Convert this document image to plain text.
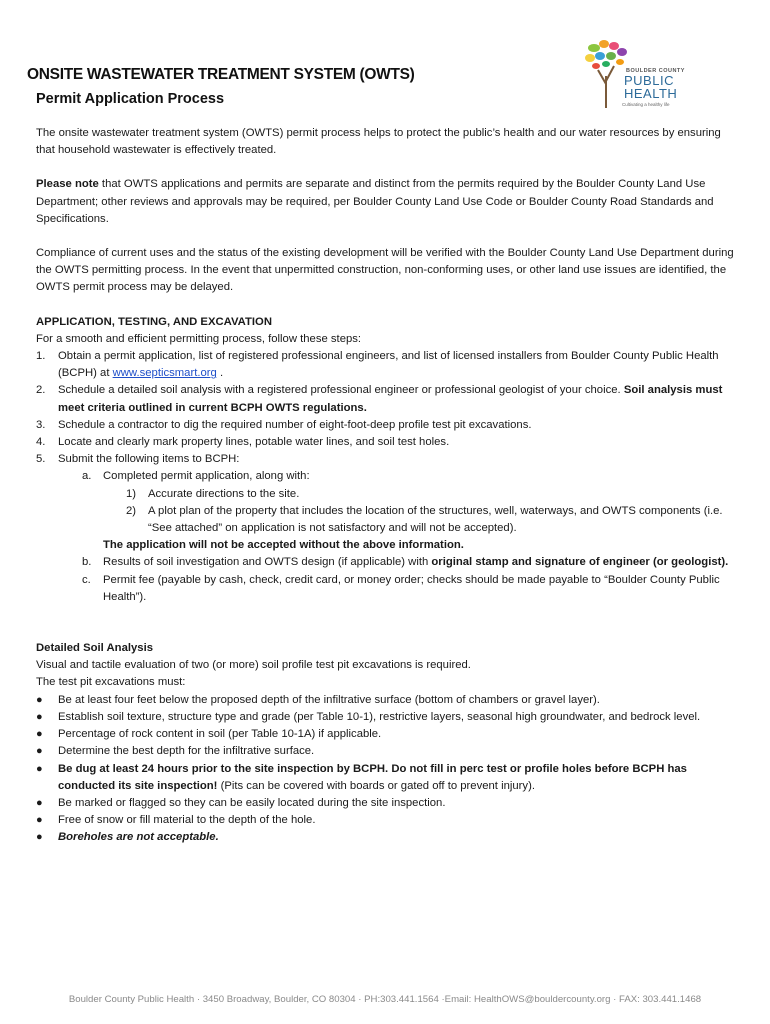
ONSITE WASTEWATER TREATMENT SYSTEM (OWTS)
Permit Application Process
BOULDER COUNTY
PUBLIC
HEALTH
Cultivating a healthy life

The onsite wastewater treatment system (OWTS) permit process helps to protect the public’s health and our water resources by ensuring that household wastewater is effectively treated.

Please note that OWTS applications and permits are separate and distinct from the permits required by the Boulder County Land Use Department; other reviews and approvals may be required, per Boulder County Land Use Code or Boulder County Road Standards and Specifications.

Compliance of current uses and the status of the existing development will be verified with the Boulder County Land Use Department during the OWTS permitting process. In the event that unpermitted construction, non-conforming uses, or other land use issues are identified, the OWTS permit process may be delayed.

APPLICATION, TESTING, AND EXCAVATION

For a smooth and efficient permitting process, follow these steps:

1. Obtain a permit application, list of registered professional engineers, and list of licensed installers from Boulder County Public Health (BCPH) at www.septicsmart.org .
2. Schedule a detailed soil analysis with a registered professional engineer or professional geologist of your choice. Soil analysis must meet criteria outlined in current BCPH OWTS regulations.
3. Schedule a contractor to dig the required number of eight-foot-deep profile test pit excavations.
4. Locate and clearly mark property lines, potable water lines, and soil test holes.
5. Submit the following items to BCPH:
a. Completed permit application, along with:
1) Accurate directions to the site.
2) A plot plan of the property that includes the location of the structures, well, waterways, and OWTS components (i.e. “See attached” on application is not satisfactory and will not be accepted).
The application will not be accepted without the above information.
b. Results of soil investigation and OWTS design (if applicable) with original stamp and signature of engineer (or geologist).
c. Permit fee (payable by cash, check, credit card, or money order; checks should be made payable to “Boulder County Public Health”).

Detailed Soil Analysis

Visual and tactile evaluation of two (or more) soil profile test pit excavations is required.

The test pit excavations must:

● Be at least four feet below the proposed depth of the infiltrative surface (bottom of chambers or gravel layer).
● Establish soil texture, structure type and grade (per Table 10-1), restrictive layers, seasonal high groundwater, and bedrock level.
● Percentage of rock content in soil (per Table 10-1A) if applicable.
● Determine the best depth for the infiltrative surface.
● Be dug at least 24 hours prior to the site inspection by BCPH. Do not fill in perc test or profile holes before BCPH has conducted its site inspection! (Pits can be covered with boards or gated off to prevent injury).
● Be marked or flagged so they can be easily located during the site inspection.
● Free of snow or fill material to the depth of the hole.
● Boreholes are not acceptable.
Boulder County Public Health · 3450 Broadway, Boulder, CO 80304 · PH:303.441.1564 ·Email: HealthOWS@bouldercounty.org · FAX: 303.441.1468
